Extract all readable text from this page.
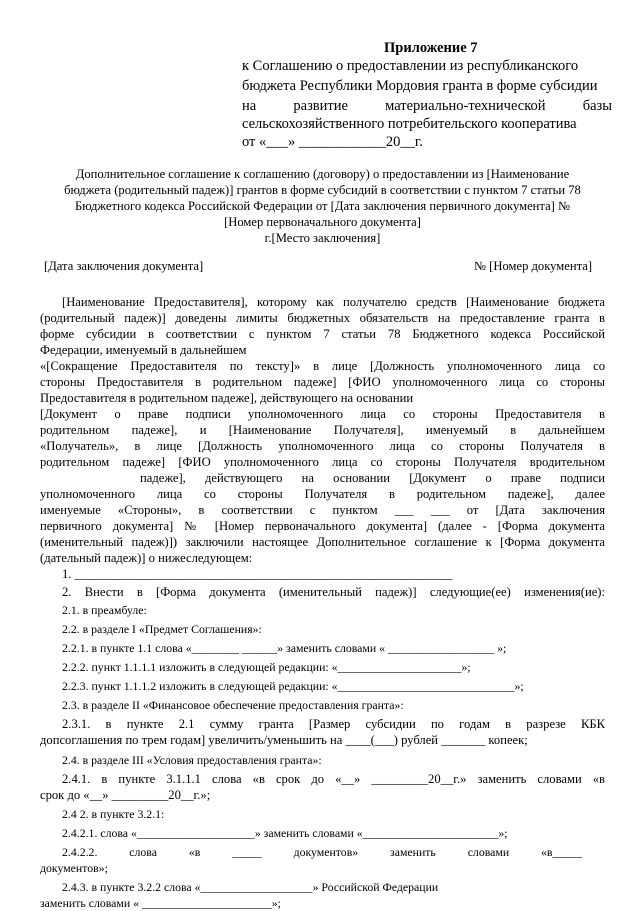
Приложение 7
к Соглашению о предоставлении из республиканского
бюджета Республики Мордовия гранта в форме субсидии
на развитие материально-технической базы
сельскохозяйственного потребительского кооператива
от «___» ____________20__г.
Дополнительное соглашение к соглашению (договору) о предоставлении из [Наименование
бюджета (родительный падеж)] грантов в форме субсидий в соответствии с пунктом 7 статьи 78
Бюджетного кодекса Российской Федерации от [Дата заключения первичного документа] №
[Номер первоначального документа]
г.[Место заключения]
[Дата заключения документа]	№ [Номер документа]
[Наименование Предоставителя], которому как получателю средств [Наименование бюджета
(родительный падеж)] доведены лимиты бюджетных обязательств на предоставление гранта в
форме субсидии в соответствии с пунктом 7 статьи 78 Бюджетного кодекса Российской
Федерации, именуемый в дальнейшем
«[Сокращение Предоставителя по тексту]» в лице [Должность уполномоченного лица со
стороны Предоставителя в родительном падеже] [ФИО уполномоченного лица со стороны
Предоставителя в родительном падеже], действующего на основании
[Документ о праве подписи уполномоченного лица со стороны Предоставителя в
родительном падеже], и [Наименование Получателя], именуемый в дальнейшем
«Получатель», в лице [Должность уполномоченного лица со стороны Получателя в
родительном падеже] [ФИО уполномоченного лица со стороны Получателя вродительном
падеже], действующего на основании [Документ о праве подписи
уполномоченного лица со стороны Получателя в родительном падеже], далее
именуемые «Стороны», в соответствии с пунктом ___ ___ от [Дата заключения
первичного документа] № [Номер первоначального документа] (далее - [Форма документа
(именительный падеж)]) заключили настоящее Дополнительное соглашение к [Форма документа
(дательный падеж)] о нижеследующем:
1. ____________________________________________________________
2. Внести в [Форма документа (именительный падеж)] следующие(ее) изменения(ие):
2.1. в преамбуле:
2.2. в разделе I «Предмет Соглашения»:
2.2.1. в пункте 1.1 слова «________ ______» заменить словами « __________________ »;
2.2.2. пункт 1.1.1.1 изложить в следующей редакции: «_____________________»;
2.2.3. пункт 1.1.1.2 изложить в следующей редакции: «______________________________»;
2.3. в разделе II «Финансовое обеспечение предоставления гранта»:
2.3.1. в пункте 2.1 сумму гранта [Размер субсидии по годам в разрезе КБК
допсоглашения по трем годам] увеличить/уменьшить на ____(___) рублей _______ копеек;
2.4. в разделе III «Условия предоставления гранта»:
2.4.1. в пункте 3.1.1.1 слова «в срок до «__» _________20__г.» заменить словами «в
срок до «__» _________20__г.»;
2.4 2. в пункте 3.2.1:
2.4.2.1. слова «____________________» заменить словами «_______________________»;
2.4.2.2. слова «в _____ документов» заменить словами «в_____
документов»;
2.4.3. в пункте 3.2.2 слова «___________________» Российской Федерации
заменить словами « ______________________»;
